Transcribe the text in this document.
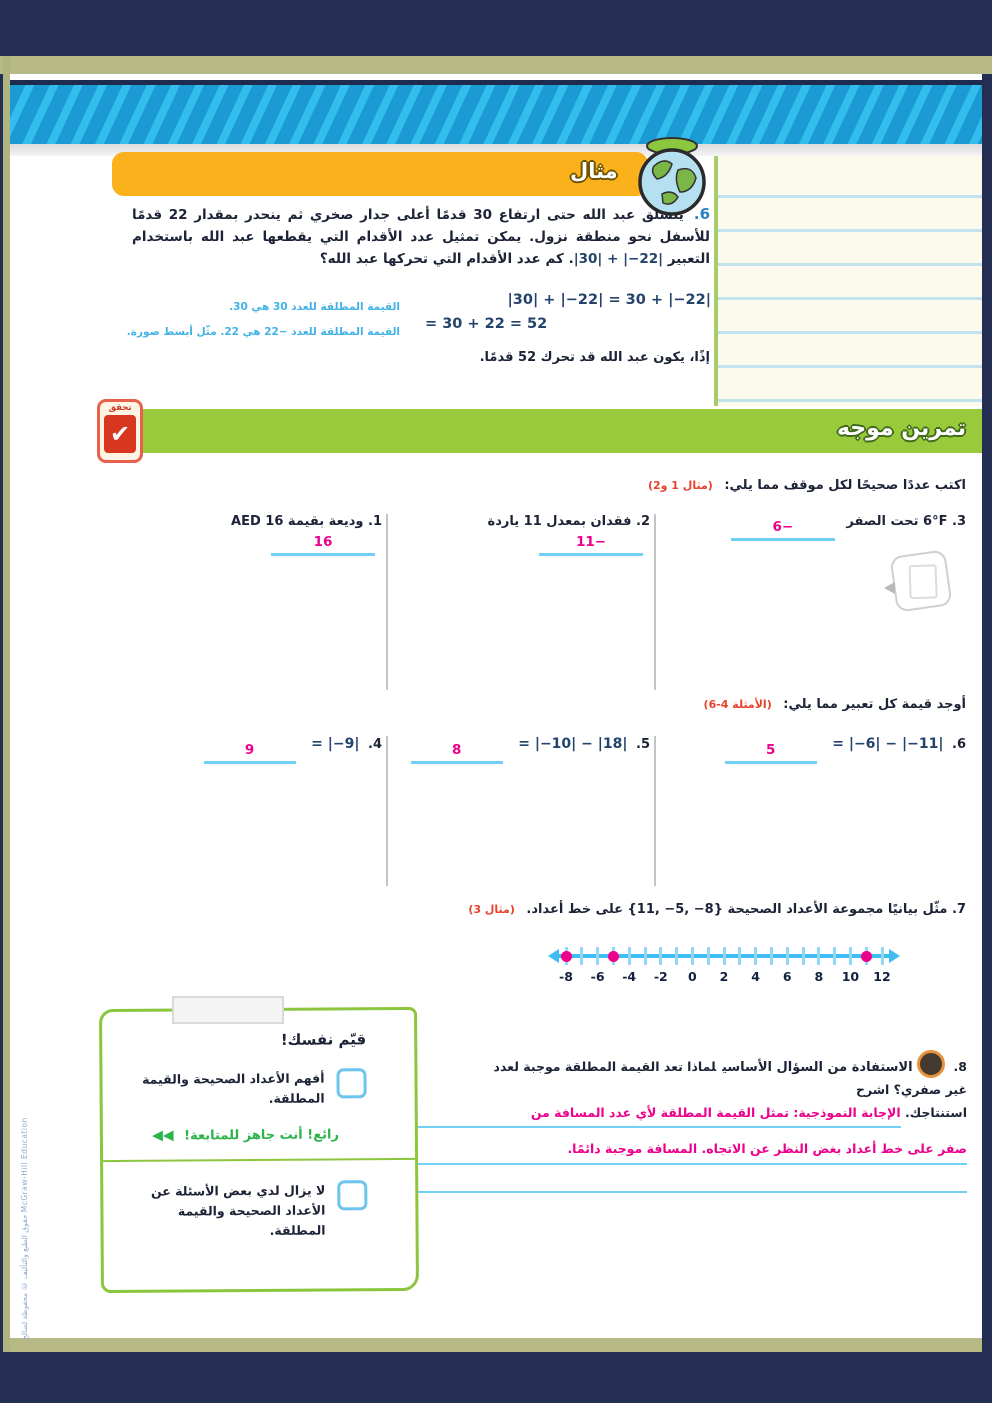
مثال
6.يتسلق عبد الله حتى ارتفاع 30 قدمًا أعلى جدار صخري ثم ينحدر بمقدار 22 قدمًا للأسفل نحو منطقة نزول. يمكن تمثيل عدد الأقدام التي يقطعها عبد الله باستخدام التعبير |30| + |−22|. كم عدد الأقدام التي تحركها عبد الله؟
|30| + |−22| = 30 + |−22|
= 30 + 22 = 52
القيمة المطلقة للعدد 30 هي 30.
القيمة المطلقة للعدد −22 هي 22. مثّل أبسط صورة.
إذًا، يكون عبد الله قد تحرك 52 قدمًا.
تمرين موجه
تحقق
✔
اكتب عددًا صحيحًا لكل موقف مما يلي: (مثال 1 و2)
1. وديعة بقيمة AED 16 16
2. فقدان بمعدل 11 ياردة −11
3. 6°F تحت الصفر −6
أوجد قيمة كل تعبير مما يلي: (الأمثلة 4-6)
4. = |−9| 9	5. = |−10| − |18| 8	6. = |−6| − |−11| 5
7. مثّل بيانيًا مجموعة الأعداد الصحيحة {11, −5, −8} على خط أعداد. (مثال 3)
-8	-6	-4	-2	0	2	4	6	8	10	12
8.الاستفادة من السؤال الأساسيلماذا تعد القيمة المطلقة موجبة لعدد
غير صفري؟ اشرح
استنتاجك. الإجابة النموذجية: تمثل القيمة المطلقة لأي عدد المسافة من
صفر على خط أعداد بغض النظر عن الاتجاه. المسافة موجبة دائمًا.
قيّم نفسك!
أفهم الأعداد الصحيحة والقيمة المطلقة.
رائع! أنت جاهز للمتابعة! ◀◀
لا يزال لدي بعض الأسئلة عن الأعداد الصحيحة والقيمة المطلقة.
حقوق الطبع والتأليف © محفوظة لصالح McGraw-Hill Education
